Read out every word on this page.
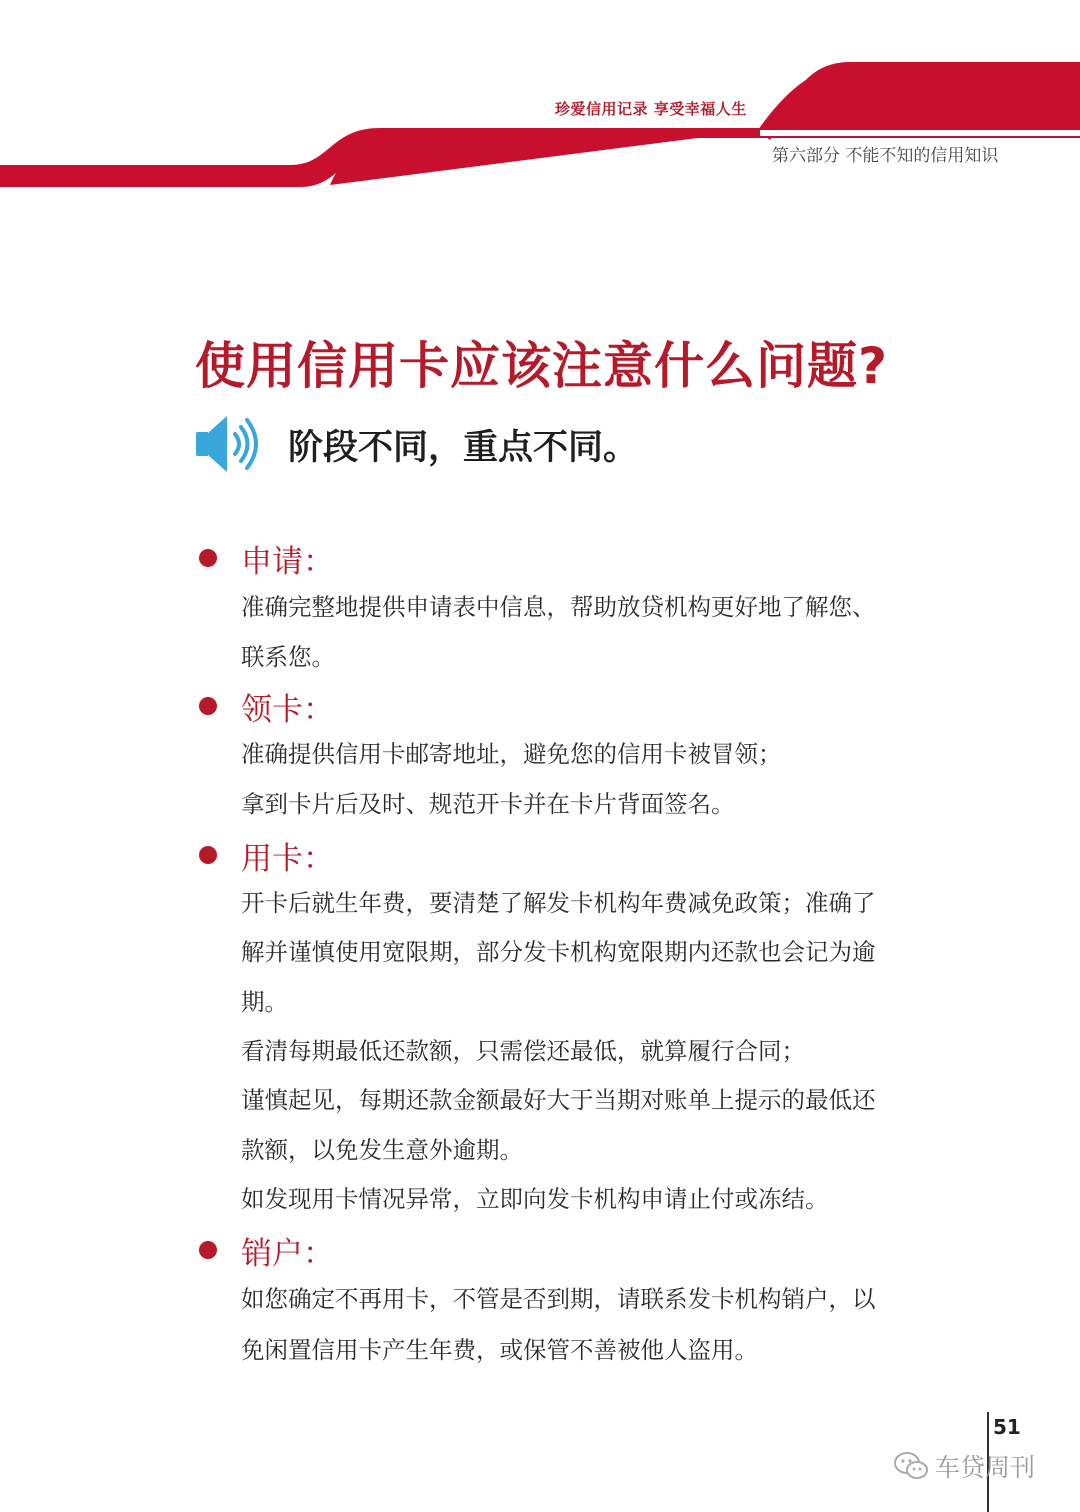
珍爱信用记录 享受幸福人生
第六部分 不能不知的信用知识
使用信用卡应该注意什么问题?
阶段不同，重点不同。
申请：
准确完整地提供申请表中信息，帮助放贷机构更好地了解您、
联系您。
领卡：
准确提供信用卡邮寄地址，避免您的信用卡被冒领；
拿到卡片后及时、规范开卡并在卡片背面签名。
用卡：
开卡后就生年费，要清楚了解发卡机构年费减免政策；准确了
解并谨慎使用宽限期，部分发卡机构宽限期内还款也会记为逾
期。
看清每期最低还款额，只需偿还最低，就算履行合同；
谨慎起见，每期还款金额最好大于当期对账单上提示的最低还
款额，以免发生意外逾期。
如发现用卡情况异常，立即向发卡机构申请止付或冻结。
销户：
如您确定不再用卡，不管是否到期，请联系发卡机构销户，以
免闲置信用卡产生年费，或保管不善被他人盗用。
51
车贷周刊
